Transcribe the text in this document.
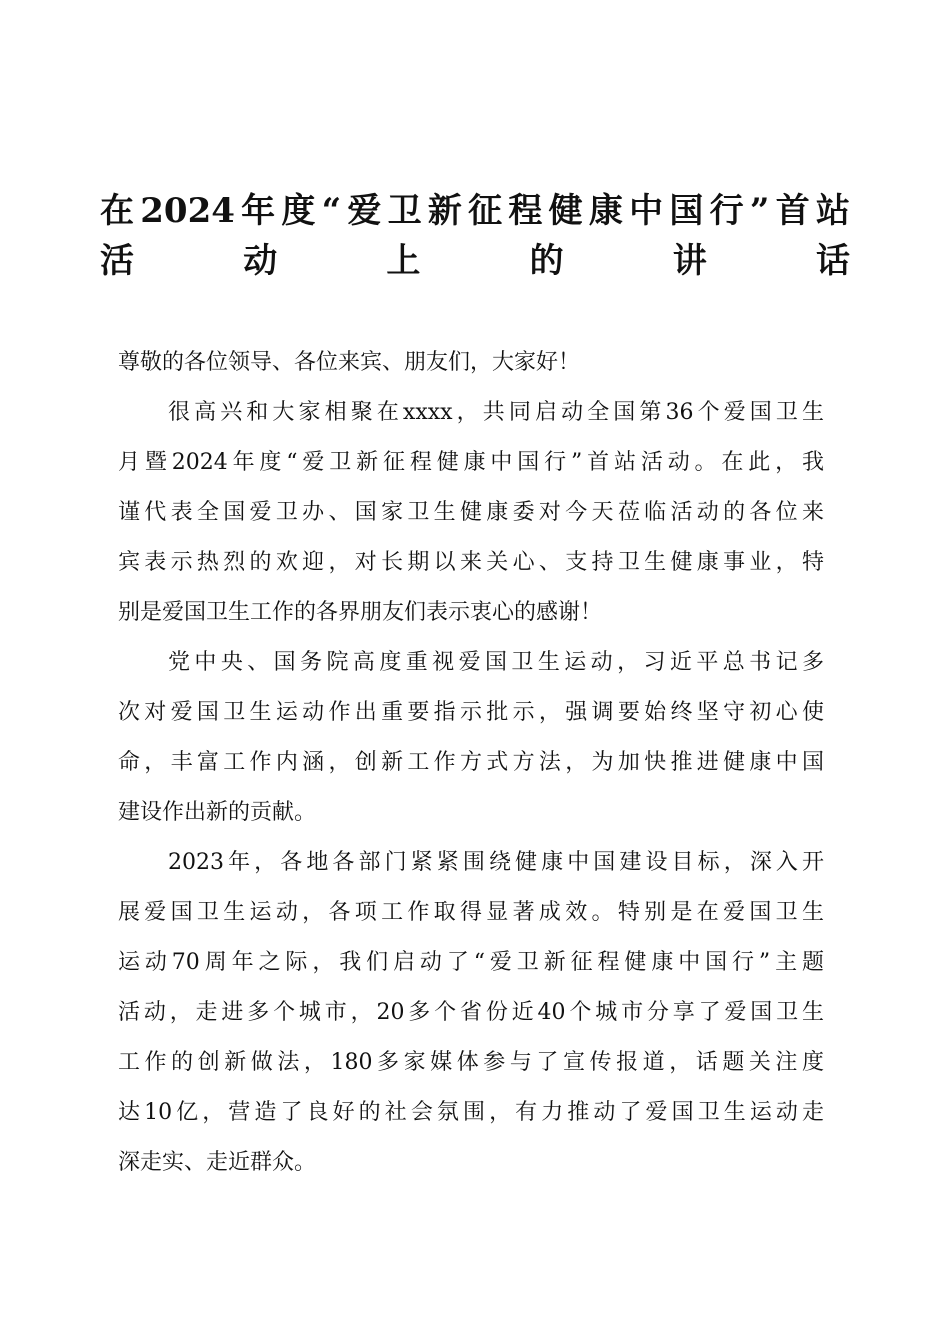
在2024年度“爱卫新征程健康中国行”首站
活动上的讲话

尊敬的各位领导、各位来宾、朋友们，大家好！

很高兴和大家相聚在xxxx，共同启动全国第36个爱国卫生
月暨2024年度“爱卫新征程健康中国行”首站活动。在此，我
谨代表全国爱卫办、国家卫生健康委对今天莅临活动的各位来
宾表示热烈的欢迎，对长期以来关心、支持卫生健康事业，特
别是爱国卫生工作的各界朋友们表示衷心的感谢！

党中央、国务院高度重视爱国卫生运动，习近平总书记多
次对爱国卫生运动作出重要指示批示，强调要始终坚守初心使
命，丰富工作内涵，创新工作方式方法，为加快推进健康中国
建设作出新的贡献。

2023年，各地各部门紧紧围绕健康中国建设目标，深入开
展爱国卫生运动，各项工作取得显著成效。特别是在爱国卫生
运动70周年之际，我们启动了“爱卫新征程健康中国行”主题
活动，走进多个城市，20多个省份近40个城市分享了爱国卫生
工作的创新做法，180多家媒体参与了宣传报道，话题关注度
达10亿，营造了良好的社会氛围，有力推动了爱国卫生运动走
深走实、走近群众。
